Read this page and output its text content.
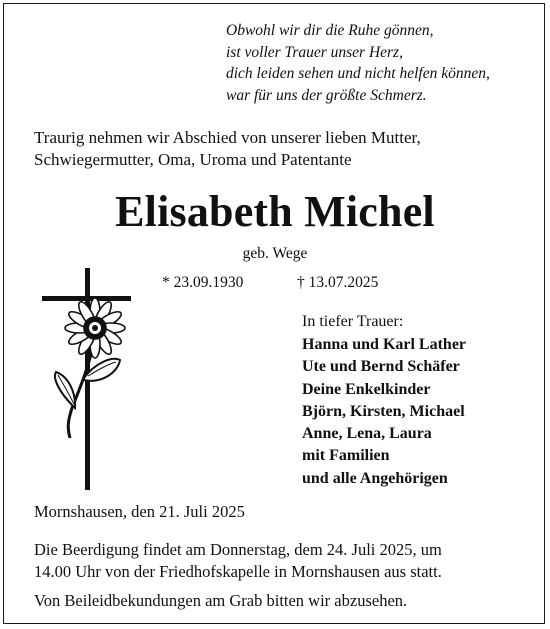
Obwohl wir dir die Ruhe gönnen,
ist voller Trauer unser Herz,
dich leiden sehen und nicht helfen können,
war für uns der größte Schmerz.
Traurig nehmen wir Abschied von unserer lieben Mutter,
Schwiegermutter, Oma, Uroma und Patentante
Elisabeth Michel
geb. Wege
* 23.09.1930	† 13.07.2025
In tiefer Trauer:
Hanna und Karl Lather
Ute und Bernd Schäfer
Deine Enkelkinder
Björn, Kirsten, Michael
Anne, Lena, Laura
mit Familien
und alle Angehörigen
Mornshausen, den 21. Juli 2025
Die Beerdigung findet am Donnerstag, dem 24. Juli 2025, um
14.00 Uhr von der Friedhofskapelle in Mornshausen aus statt.
Von Beileidbekundungen am Grab bitten wir abzusehen.
